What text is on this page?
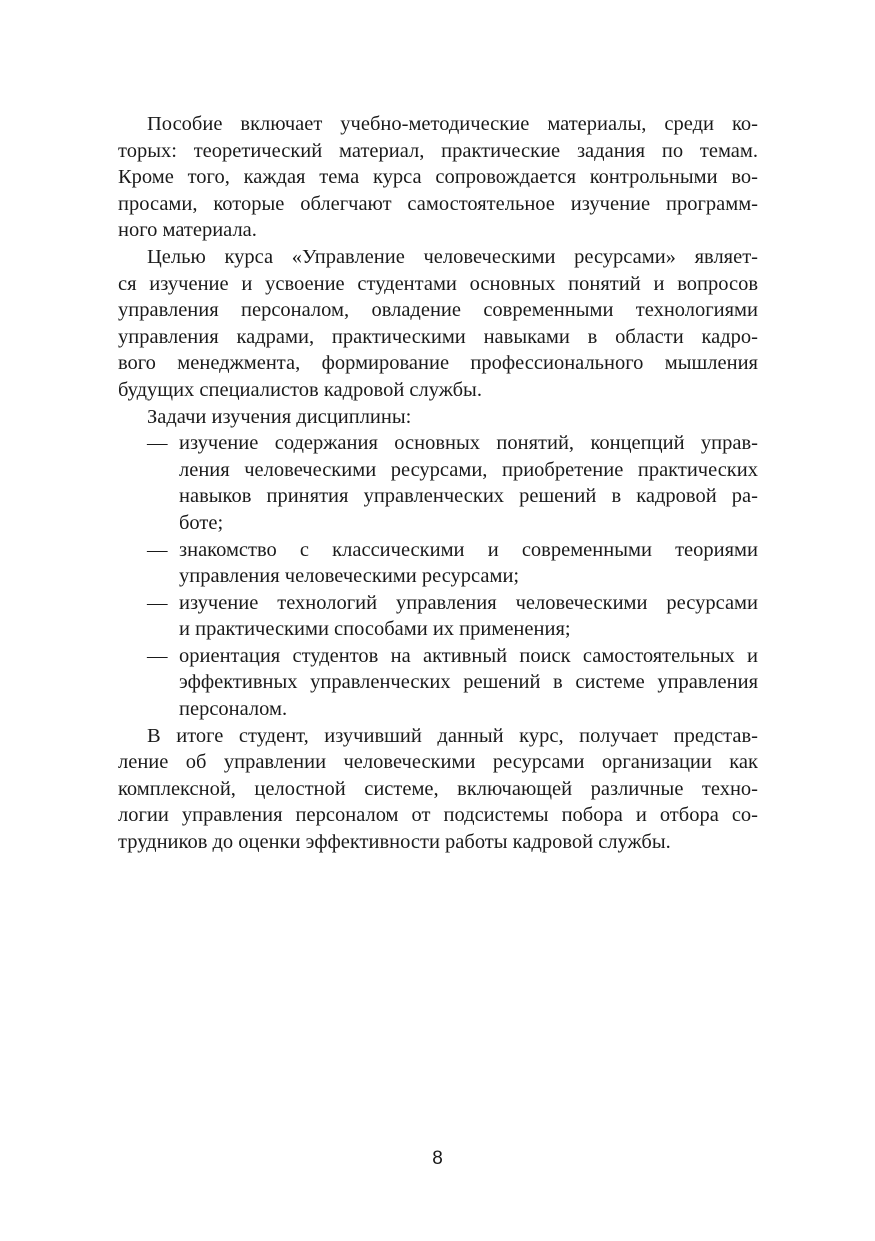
Пособие включает учебно-методические материалы, среди ко-
торых: теоретический материал, практические задания по темам.
Кроме того, каждая тема курса сопровождается контрольными во-
просами, которые облегчают самостоятельное изучение программ-
ного материала.
Целью курса «Управление человеческими ресурсами» являет-
ся изучение и усвоение студентами основных понятий и вопросов
управления персоналом, овладение современными технологиями
управления кадрами, практическими навыками в области кадро-
вого менеджмента, формирование профессионального мышления
будущих специалистов кадровой службы.
Задачи изучения дисциплины:
— изучение содержания основных понятий, концепций управ-
ления человеческими ресурсами, приобретение практических
навыков принятия управленческих решений в кадровой ра-
боте;
— знакомство с классическими и современными теориями
управления человеческими ресурсами;
— изучение технологий управления человеческими ресурсами
и практическими способами их применения;
— ориентация студентов на активный поиск самостоятельных и
эффективных управленческих решений в системе управления
персоналом.
В итоге студент, изучивший данный курс, получает представ-
ление об управлении человеческими ресурсами организации как
комплексной, целостной системе, включающей различные техно-
логии управления персоналом от подсистемы побора и отбора со-
трудников до оценки эффективности работы кадровой службы.
8
